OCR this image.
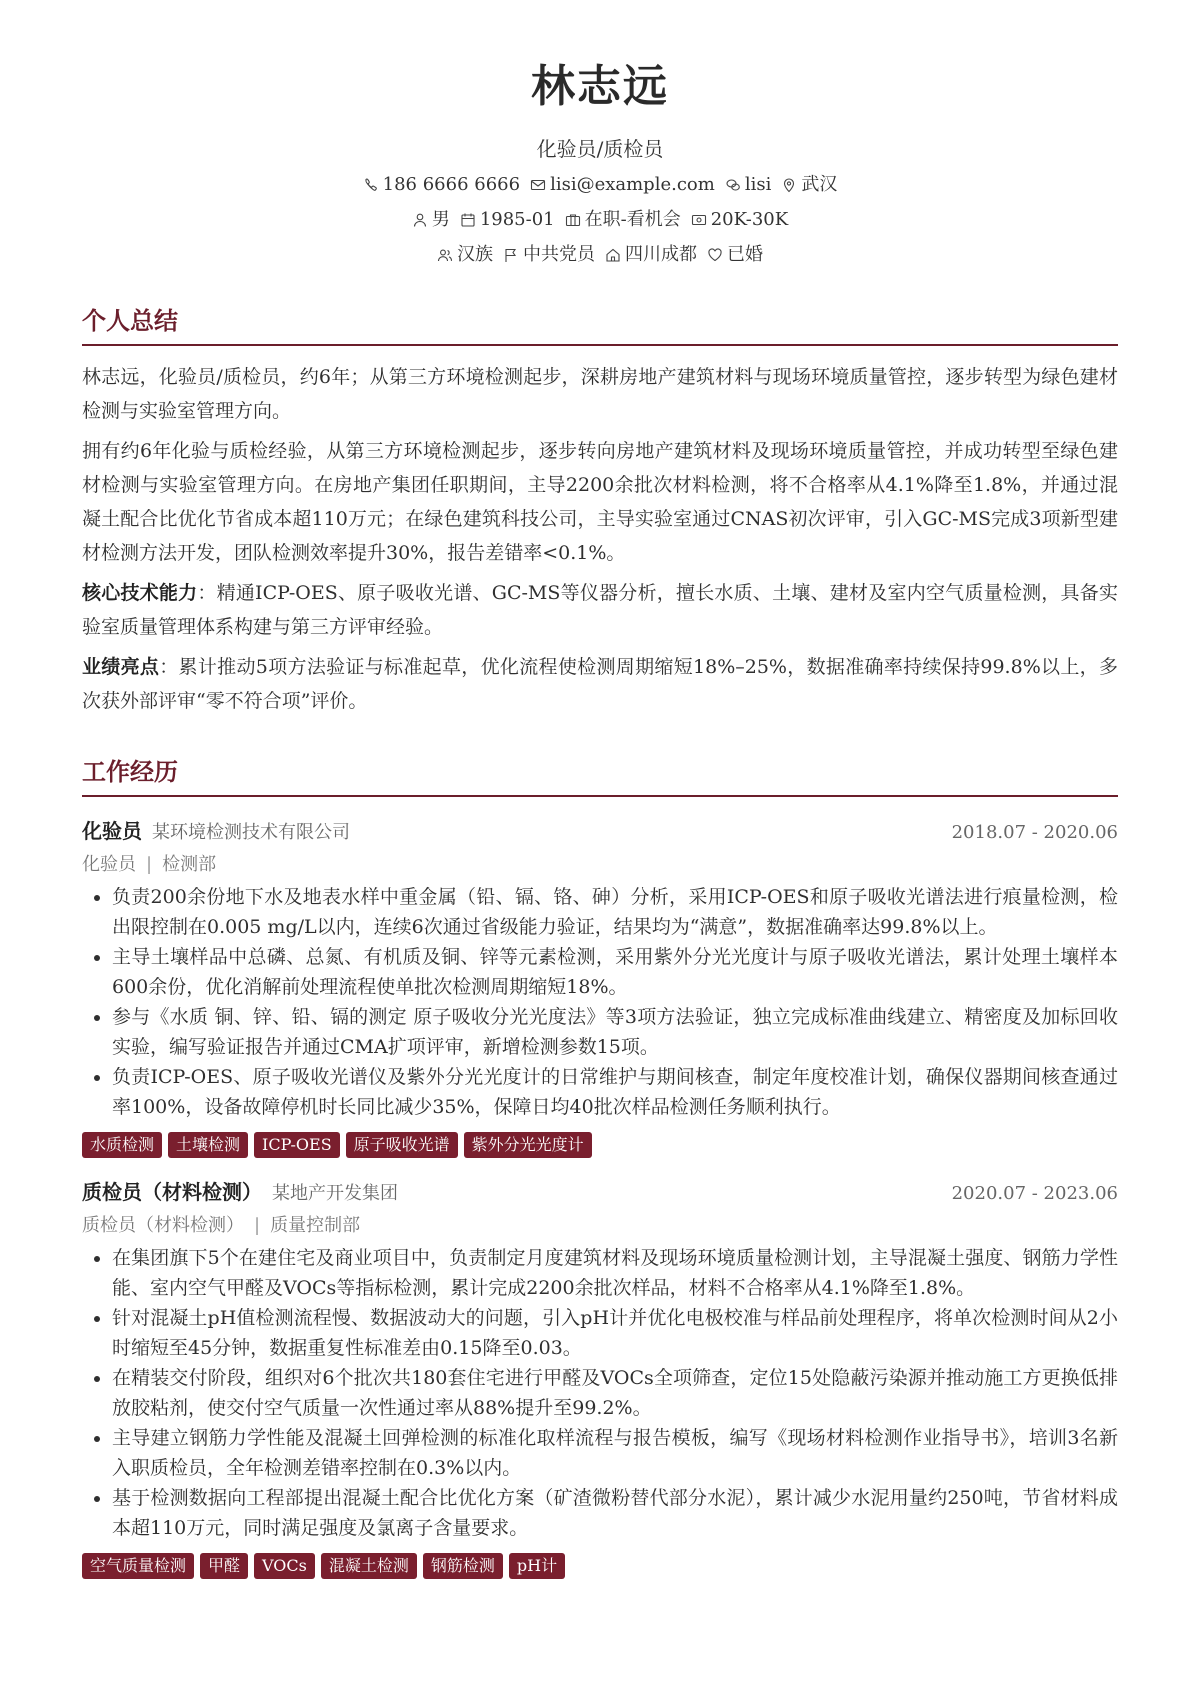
林志远
化验员/质检员
186 6666 6666 lisi@example.com lisi 武汉
男 1985-01 在职-看机会 20K-30K
汉族 中共党员 四川成都 已婚
个人总结
林志远，化验员/质检员，约6年；从第三方环境检测起步，深耕房地产建筑材料与现场环境质量管控，逐步转型为绿色建材检测与实验室管理方向。
拥有约6年化验与质检经验，从第三方环境检测起步，逐步转向房地产建筑材料及现场环境质量管控，并成功转型至绿色建材检测与实验室管理方向。在房地产集团任职期间，主导2200余批次材料检测，将不合格率从4.1%降至1.8%，并通过混凝土配合比优化节省成本超110万元；在绿色建筑科技公司，主导实验室通过CNAS初次评审，引入GC-MS完成3项新型建材检测方法开发，团队检测效率提升30%，报告差错率<0.1%。
核心技术能力：精通ICP-OES、原子吸收光谱、GC-MS等仪器分析，擅长水质、土壤、建材及室内空气质量检测，具备实验室质量管理体系构建与第三方评审经验。
业绩亮点：累计推动5项方法验证与标准起草，优化流程使检测周期缩短18%–25%，数据准确率持续保持99.8%以上，多次获外部评审“零不符合项”评价。
工作经历
化验员 某环境检测技术有限公司	2018.07 - 2020.06
化验员 | 检测部
• 负责200余份地下水及地表水样中重金属（铅、镉、铬、砷）分析，采用ICP-OES和原子吸收光谱法进行痕量检测，检出限控制在0.005 mg/L以内，连续6次通过省级能力验证，结果均为“满意”，数据准确率达99.8%以上。
• 主导土壤样品中总磷、总氮、有机质及铜、锌等元素检测，采用紫外分光光度计与原子吸收光谱法，累计处理土壤样本600余份，优化消解前处理流程使单批次检测周期缩短18%。
• 参与《水质 铜、锌、铅、镉的测定 原子吸收分光光度法》等3项方法验证，独立完成标准曲线建立、精密度及加标回收实验，编写验证报告并通过CMA扩项评审，新增检测参数15项。
• 负责ICP-OES、原子吸收光谱仪及紫外分光光度计的日常维护与期间核查，制定年度校准计划，确保仪器期间核查通过率100%，设备故障停机时长同比减少35%，保障日均40批次样品检测任务顺利执行。
水质检测	土壤检测	ICP-OES	原子吸收光谱	紫外分光光度计
质检员（材料检测） 某地产开发集团	2020.07 - 2023.06
质检员（材料检测） | 质量控制部
• 在集团旗下5个在建住宅及商业项目中，负责制定月度建筑材料及现场环境质量检测计划，主导混凝土强度、钢筋力学性能、室内空气甲醛及VOCs等指标检测，累计完成2200余批次样品，材料不合格率从4.1%降至1.8%。
• 针对混凝土pH值检测流程慢、数据波动大的问题，引入pH计并优化电极校准与样品前处理程序，将单次检测时间从2小时缩短至45分钟，数据重复性标准差由0.15降至0.03。
• 在精装交付阶段，组织对6个批次共180套住宅进行甲醛及VOCs全项筛查，定位15处隐蔽污染源并推动施工方更换低排放胶粘剂，使交付空气质量一次性通过率从88%提升至99.2%。
• 主导建立钢筋力学性能及混凝土回弹检测的标准化取样流程与报告模板，编写《现场材料检测作业指导书》，培训3名新入职质检员，全年检测差错率控制在0.3%以内。
• 基于检测数据向工程部提出混凝土配合比优化方案（矿渣微粉替代部分水泥），累计减少水泥用量约250吨，节省材料成本超110万元，同时满足强度及氯离子含量要求。
空气质量检测	甲醛	VOCs	混凝土检测	钢筋检测	pH计
